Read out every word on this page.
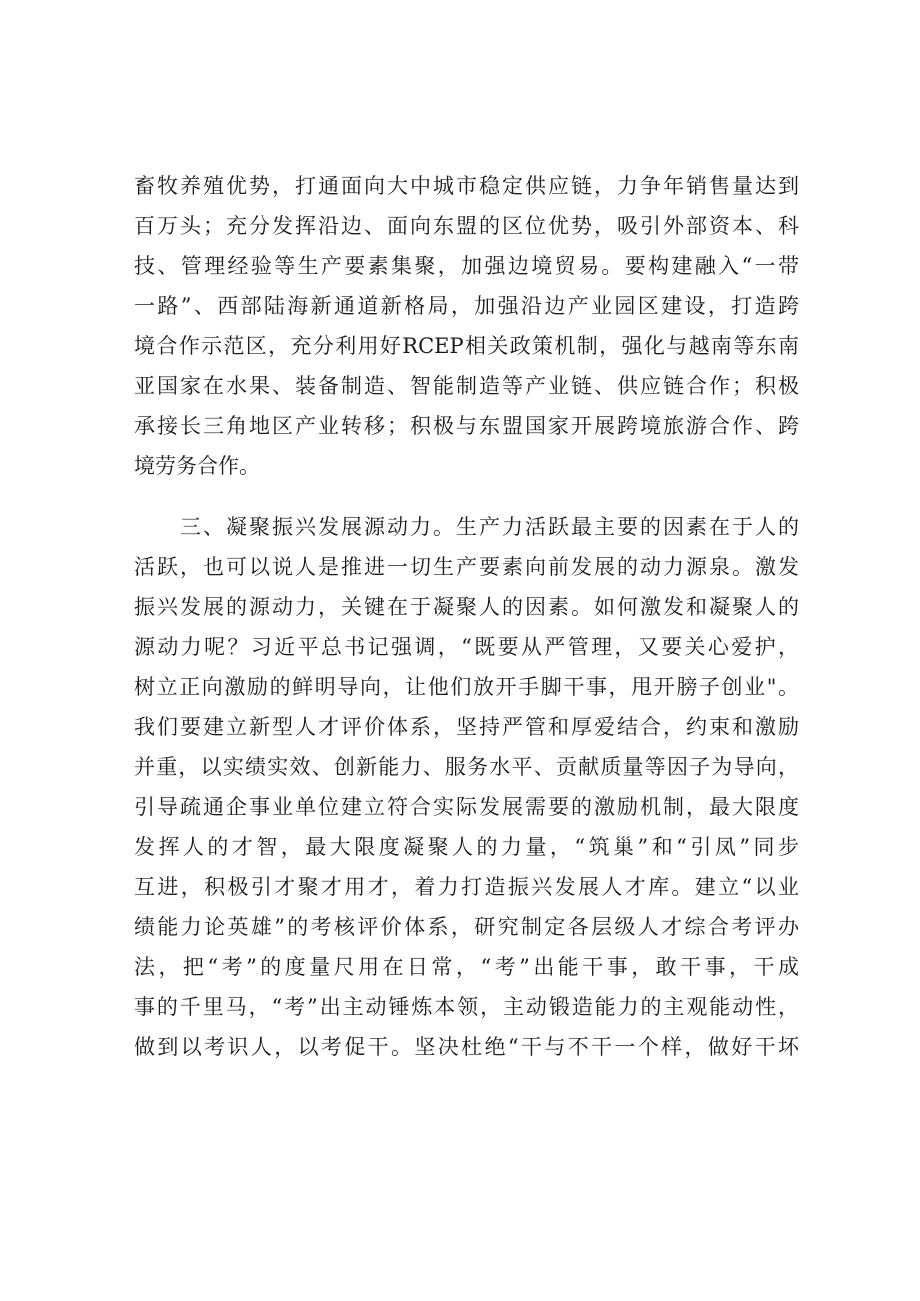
畜牧养殖优势，打通面向大中城市稳定供应链，力争年销售量达到
百万头；充分发挥沿边、面向东盟的区位优势，吸引外部资本、科
技、管理经验等生产要素集聚，加强边境贸易。要构建融入“一带
一路”、西部陆海新通道新格局，加强沿边产业园区建设，打造跨
境合作示范区，充分利用好RCEP相关政策机制，强化与越南等东南
亚国家在水果、装备制造、智能制造等产业链、供应链合作；积极
承接长三角地区产业转移；积极与东盟国家开展跨境旅游合作、跨
境劳务合作。
　　三、凝聚振兴发展源动力。生产力活跃最主要的因素在于人的
活跃，也可以说人是推进一切生产要素向前发展的动力源泉。激发
振兴发展的源动力，关键在于凝聚人的因素。如何激发和凝聚人的
源动力呢？习近平总书记强调，“既要从严管理，又要关心爱护，
树立正向激励的鲜明导向，让他们放开手脚干事，甩开膀子创业"。
我们要建立新型人才评价体系，坚持严管和厚爱结合，约束和激励
并重，以实绩实效、创新能力、服务水平、贡献质量等因子为导向，
引导疏通企事业单位建立符合实际发展需要的激励机制，最大限度
发挥人的才智，最大限度凝聚人的力量，“筑巢”和“引凤”同步
互进，积极引才聚才用才，着力打造振兴发展人才库。建立“以业
绩能力论英雄”的考核评价体系，研究制定各层级人才综合考评办
法，把“考”的度量尺用在日常，“考”出能干事，敢干事，干成
事的千里马，“考”出主动锤炼本领，主动锻造能力的主观能动性，
做到以考识人，以考促干。坚决杜绝“干与不干一个样，做好干坏
